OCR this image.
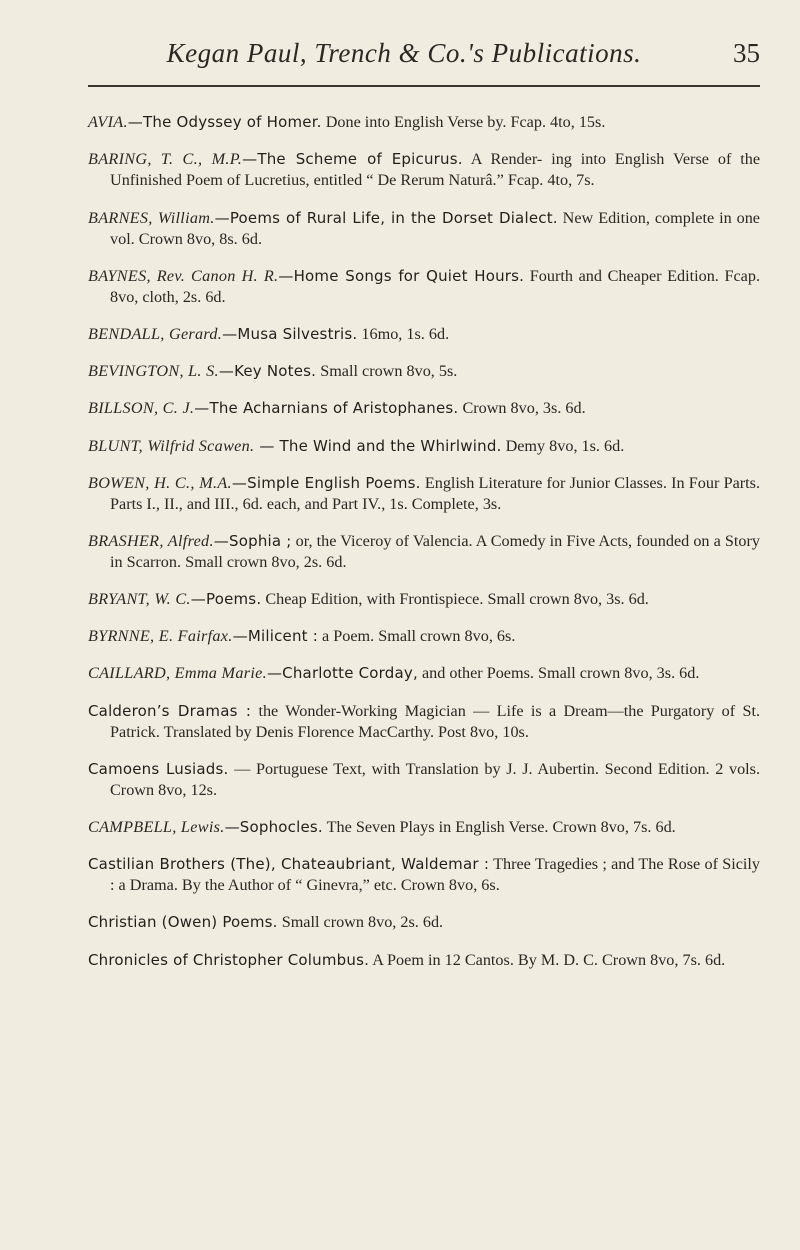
Kegan Paul, Trench & Co.'s Publications.	35

AVIA.—The Odyssey of Homer. Done into English Verse by. Fcap. 4to, 15s.

BARING, T. C., M.P.—The Scheme of Epicurus. A Render- ing into English Verse of the Unfinished Poem of Lucretius, entitled “ De Rerum Naturâ.” Fcap. 4to, 7s.

BARNES, William.—Poems of Rural Life, in the Dorset Dialect. New Edition, complete in one vol. Crown 8vo, 8s. 6d.

BAYNES, Rev. Canon H. R.—Home Songs for Quiet Hours. Fourth and Cheaper Edition. Fcap. 8vo, cloth, 2s. 6d.

BENDALL, Gerard.—Musa Silvestris. 16mo, 1s. 6d.

BEVINGTON, L. S.—Key Notes. Small crown 8vo, 5s.

BILLSON, C. J.—The Acharnians of Aristophanes. Crown 8vo, 3s. 6d.

BLUNT, Wilfrid Scawen. — The Wind and the Whirlwind. Demy 8vo, 1s. 6d.

BOWEN, H. C., M.A.—Simple English Poems. English Literature for Junior Classes. In Four Parts. Parts I., II., and III., 6d. each, and Part IV., 1s. Complete, 3s.

BRASHER, Alfred.—Sophia ; or, the Viceroy of Valencia. A Comedy in Five Acts, founded on a Story in Scarron. Small crown 8vo, 2s. 6d.

BRYANT, W. C.—Poems. Cheap Edition, with Frontispiece. Small crown 8vo, 3s. 6d.

BYRNNE, E. Fairfax.—Milicent : a Poem. Small crown 8vo, 6s.

CAILLARD, Emma Marie.—Charlotte Corday, and other Poems. Small crown 8vo, 3s. 6d.

Calderon’s Dramas : the Wonder-Working Magician — Life is a Dream—the Purgatory of St. Patrick. Translated by Denis Florence MacCarthy. Post 8vo, 10s.

Camoens Lusiads. — Portuguese Text, with Translation by J. J. Aubertin. Second Edition. 2 vols. Crown 8vo, 12s.

CAMPBELL, Lewis.—Sophocles. The Seven Plays in English Verse. Crown 8vo, 7s. 6d.

Castilian Brothers (The), Chateaubriant, Waldemar : Three Tragedies ; and The Rose of Sicily : a Drama. By the Author of “ Ginevra,” etc. Crown 8vo, 6s.

Christian (Owen) Poems. Small crown 8vo, 2s. 6d.

Chronicles of Christopher Columbus. A Poem in 12 Cantos. By M. D. C. Crown 8vo, 7s. 6d.
